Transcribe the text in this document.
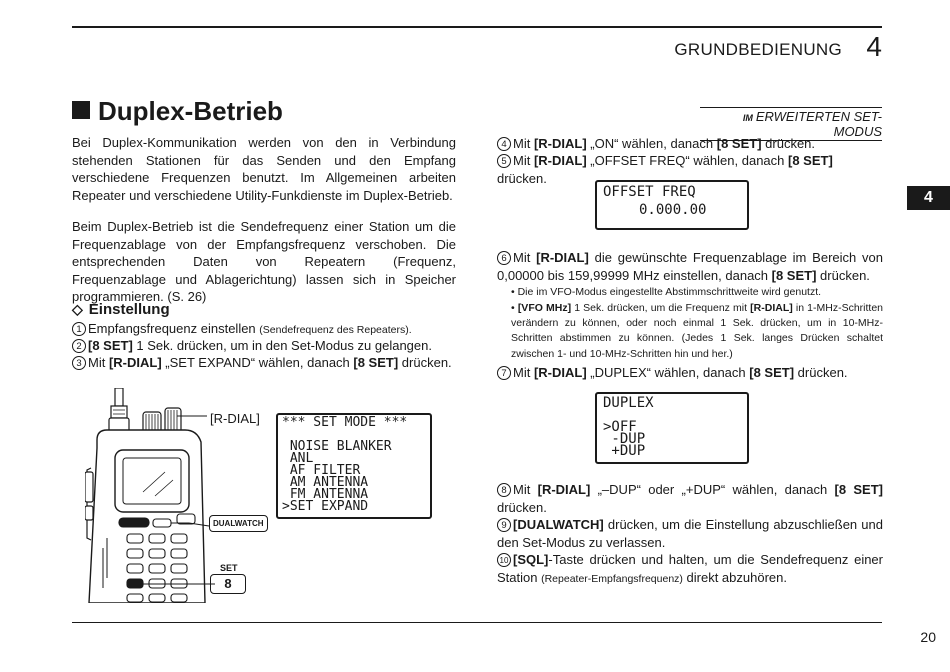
GRUNDBEDIENUNG 4
4
Duplex-Betrieb	IM ERWEITERTEN SET-MODUS
Bei Duplex-Kommunikation werden von den in Verbindung stehenden Stationen für das Senden und den Empfang verschiedene Frequenzen benutzt. Im Allgemeinen arbeiten Repeater und verschiedene Utility-Funkdienste im Duplex-Betrieb.
Beim Duplex-Betrieb ist die Sendefrequenz einer Station um die Frequenzablage von der Empfangsfrequenz verschoben. Die entsprechenden Daten von Repeatern (Frequenz, Frequenzablage und Ablagerichtung) lassen sich in Speicher programmieren. (S. 26)
◇ Einstellung
1 Empfangsfrequenz einstellen (Sendefrequenz des Repeaters).
2 [8 SET] 1 Sek. drücken, um in den Set-Modus zu gelangen.
3 Mit [R-DIAL] „SET EXPAND“ wählen, danach [8 SET] drücken.
[R-DIAL]
DUALWATCH
SET
8
*** SET MODE ***
NOISE BLANKER
ANL
AF FILTER
AM ANTENNA
FM ANTENNA
>SET EXPAND
4 Mit [R-DIAL] „ON“ wählen, danach [8 SET] drücken.
5 Mit [R-DIAL] „OFFSET FREQ“ wählen, danach [8 SET] drücken.
OFFSET FREQ
0.000.00
6 Mit [R-DIAL] die gewünschte Frequenzablage im Bereich von 0,00000 bis 159,99999 MHz einstellen, danach [8 SET] drücken.
• Die im VFO-Modus eingestellte Abstimmschrittweite wird genutzt.
• [VFO MHz] 1 Sek. drücken, um die Frequenz mit [R-DIAL] in 1-MHz-Schritten verändern zu können, oder noch einmal 1 Sek. drücken, um in 10-MHz-Schritten abstimmen zu können. (Jedes 1 Sek. langes Drücken schaltet zwischen 1- und 10-MHz-Schritten hin und her.)
7 Mit [R-DIAL] „DUPLEX“ wählen, danach [8 SET] drücken.
DUPLEX
>OFF
-DUP
+DUP
8 Mit [R-DIAL] „–DUP“ oder „+DUP“ wählen, danach [8 SET] drücken.
9 [DUALWATCH] drücken, um die Einstellung abzuschließen und den Set-Modus zu verlassen.
10 [SQL]-Taste drücken und halten, um die Sendefrequenz einer Station (Repeater-Empfangsfrequenz) direkt abzuhören.
20
